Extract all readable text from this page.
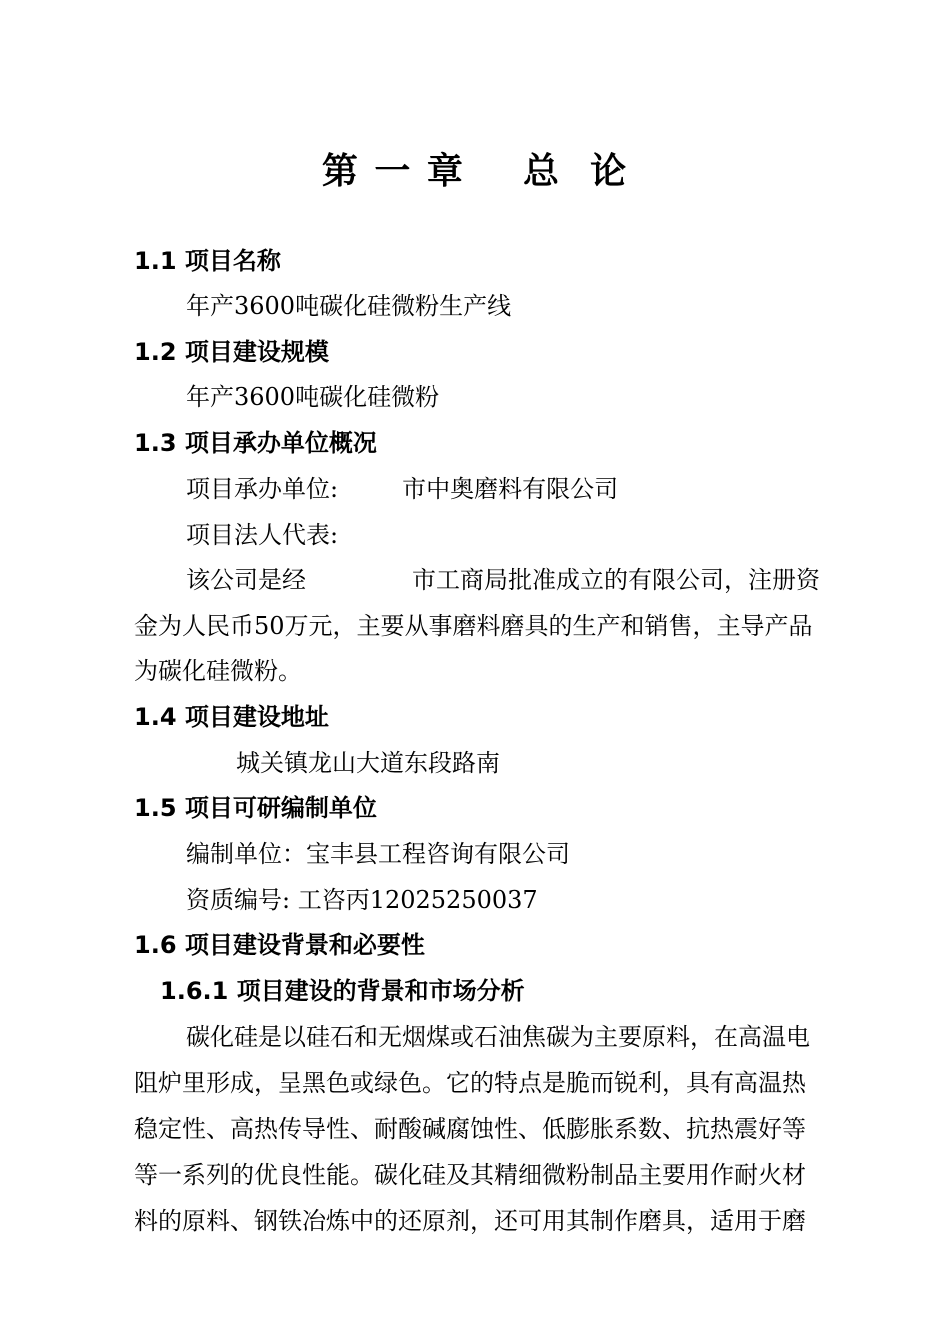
第 一 章    总  论
1.1 项目名称
年产3600吨碳化硅微粉生产线
1.2 项目建设规模
年产3600吨碳化硅微粉
1.3 项目承办单位概况
项目承办单位:	市中奥磨料有限公司
项目法人代表:
该公司是经	市工商局批准成立的有限公司，注册资
金为人民币50万元，主要从事磨料磨具的生产和销售，主导产品
为碳化硅微粉。
1.4 项目建设地址
城关镇龙山大道东段路南
1.5 项目可研编制单位
编制单位：宝丰县工程咨询有限公司
资质编号: 工咨丙12025250037
1.6 项目建设背景和必要性
1.6.1 项目建设的背景和市场分析
碳化硅是以硅石和无烟煤或石油焦碳为主要原料，在高温电
阻炉里形成，呈黑色或绿色。它的特点是脆而锐利，具有高温热
稳定性、高热传导性、耐酸碱腐蚀性、低膨胀系数、抗热震好等
等一系列的优良性能。碳化硅及其精细微粉制品主要用作耐火材
料的原料、钢铁冶炼中的还原剂，还可用其制作磨具，适用于磨
